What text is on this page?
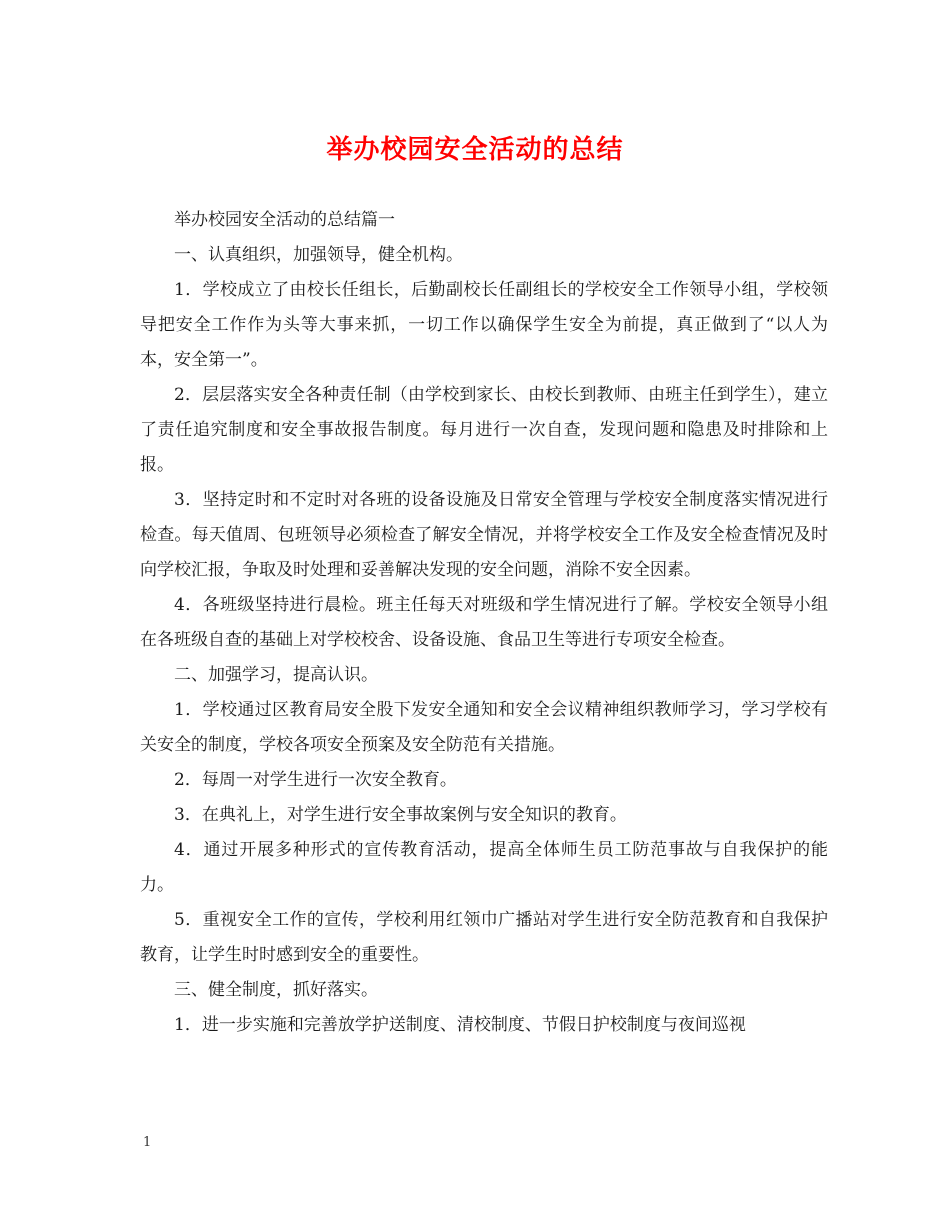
举办校园安全活动的总结

举办校园安全活动的总结篇一

一、认真组织，加强领导，健全机构。

1．学校成立了由校长任组长，后勤副校长任副组长的学校安全工作领导小组，学校领导把安全工作作为头等大事来抓，一切工作以确保学生安全为前提，真正做到了“以人为本，安全第一”。

2．层层落实安全各种责任制（由学校到家长、由校长到教师、由班主任到学生），建立了责任追究制度和安全事故报告制度。每月进行一次自查，发现问题和隐患及时排除和上报。

3．坚持定时和不定时对各班的设备设施及日常安全管理与学校安全制度落实情况进行检查。每天值周、包班领导必须检查了解安全情况，并将学校安全工作及安全检查情况及时向学校汇报，争取及时处理和妥善解决发现的安全问题，消除不安全因素。

4．各班级坚持进行晨检。班主任每天对班级和学生情况进行了解。学校安全领导小组在各班级自查的基础上对学校校舍、设备设施、食品卫生等进行专项安全检查。

二、加强学习，提高认识。

1．学校通过区教育局安全股下发安全通知和安全会议精神组织教师学习，学习学校有关安全的制度，学校各项安全预案及安全防范有关措施。

2．每周一对学生进行一次安全教育。

3．在典礼上，对学生进行安全事故案例与安全知识的教育。

4．通过开展多种形式的宣传教育活动，提高全体师生员工防范事故与自我保护的能力。

5．重视安全工作的宣传，学校利用红领巾广播站对学生进行安全防范教育和自我保护教育，让学生时时感到安全的重要性。

三、健全制度，抓好落实。

1．进一步实施和完善放学护送制度、清校制度、节假日护校制度与夜间巡视

1
